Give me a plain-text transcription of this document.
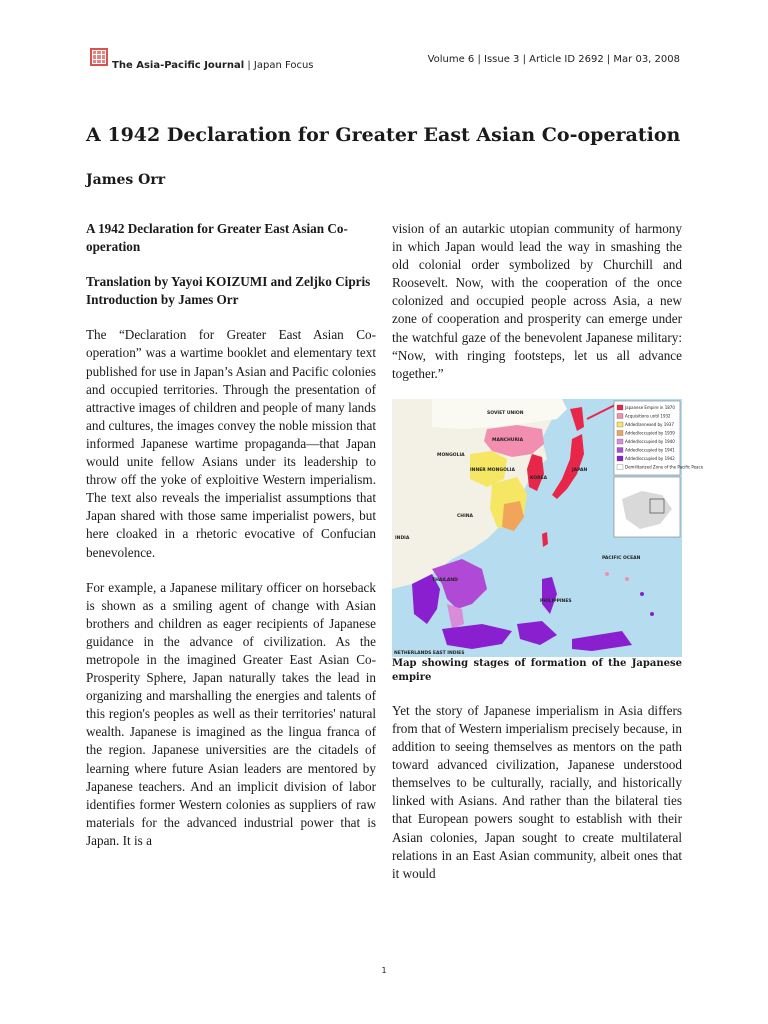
The Asia-Pacific Journal | Japan Focus
Volume 6 | Issue 3 | Article ID 2692 | Mar 03, 2008
A 1942 Declaration for Greater East Asian Co-operation
James Orr

A 1942 Declaration for Greater East Asian Co-operation

Translation by Yayoi KOIZUMI and Zeljko Cipris

Introduction by James Orr

The “Declaration for Greater East Asian Co-operation” was a wartime booklet and elementary text published for use in Japan’s Asian and Pacific colonies and occupied territories. Through the presentation of attractive images of children and people of many lands and cultures, the images convey the noble mission that informed Japanese wartime propaganda—that Japan would unite fellow Asians under its leadership to throw off the yoke of exploitive Western imperialism. The text also reveals the imperialist assumptions that Japan shared with those same imperialist powers, but here cloaked in a rhetoric evocative of Confucian benevolence.

For example, a Japanese military officer on horseback is shown as a smiling agent of change with Asian brothers and children as eager recipients of Japanese guidance in the advance of civilization. As the metropole in the imagined Greater East Asian Co-Prosperity Sphere, Japan naturally takes the lead in organizing and marshalling the energies and talents of this region's peoples as well as their territories' natural wealth. Japanese is imagined as the lingua franca of the region. Japanese universities are the citadels of learning where future Asian leaders are mentored by Japanese teachers. And an implicit division of labor identifies former Western colonies as suppliers of raw materials for the advanced industrial power that is Japan. It is a

vision of an autarkic utopian community of harmony in which Japan would lead the way in smashing the old colonial order symbolized by Churchill and Roosevelt. Now, with the cooperation of the once colonized and occupied people across Asia, a new zone of cooperation and prosperity can emerge under the watchful gaze of the benevolent Japanese military: “Now, with ringing footsteps, let us all advance together.”

Japanese Empire in 1870
Acquisitions until 1932
Added/annexed by 1937
Added/occupied by 1939
Added/occupied by 1940
Added/occupied by 1941
Added/occupied by 1942
Demilitarized Zone of the Pacific Peace
SOVIET UNION
MANCHURIA
MONGOLIA
INNER MONGOLIA
KOREA
CHINA
JAPAN
INDIA
THAILAND
PHILIPPINES
PACIFIC OCEAN
NETHERLANDS EAST INDIES

Map showing stages of formation of the Japanese empire

Yet the story of Japanese imperialism in Asia differs from that of Western imperialism precisely because, in addition to seeing themselves as mentors on the path toward advanced civilization, Japanese understood themselves to be culturally, racially, and historically linked with Asians. And rather than the bilateral ties that European powers sought to establish with their Asian colonies, Japan sought to create multilateral relations in an East Asian community, albeit ones that it would

1
